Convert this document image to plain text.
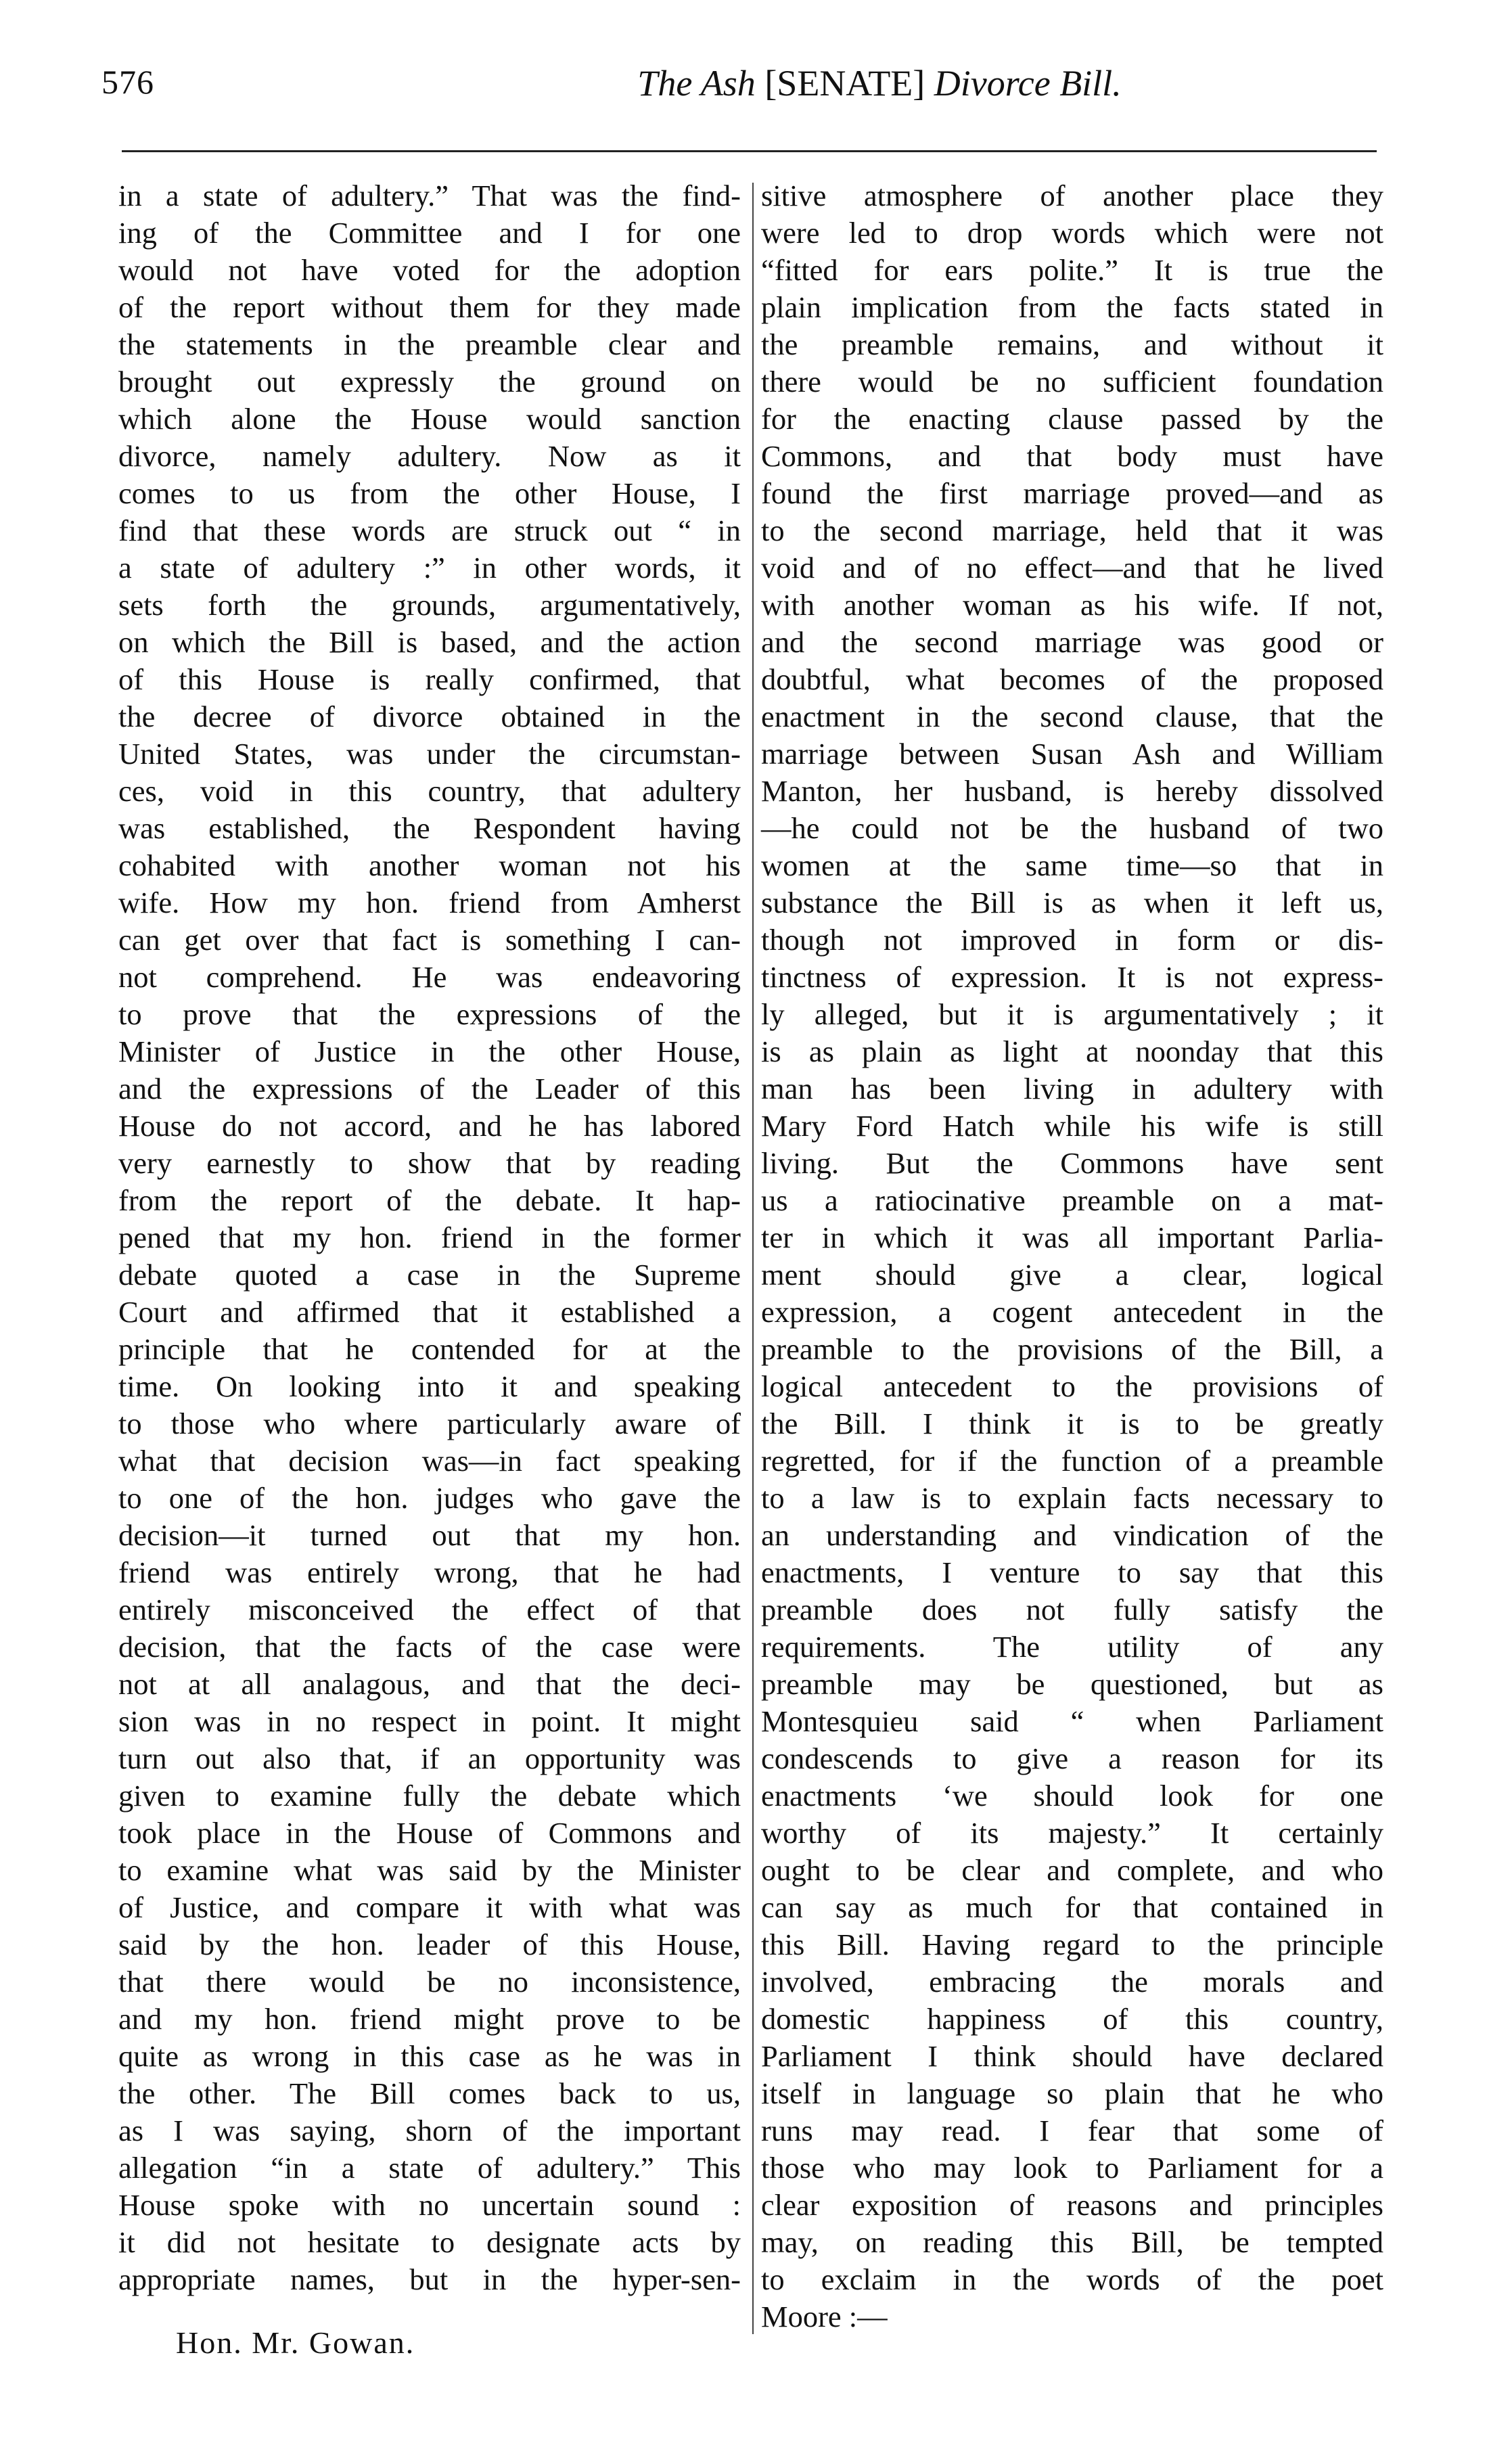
576	The Ash [SENATE] Divorce Bill.
in a state of adultery.” That was the find-
ing of the Committee and I for one
would not have voted for the adoption
of the report without them for they made
the statements in the preamble clear and
brought out expressly the ground on
which alone the House would sanction
divorce, namely adultery. Now as it
comes to us from the other House, I
find that these words are struck out “ in
a state of adultery :” in other words, it
sets forth the grounds, argumentatively,
on which the Bill is based, and the action
of this House is really confirmed, that
the decree of divorce obtained in the
United States, was under the circumstan-
ces, void in this country, that adultery
was established, the Respondent having
cohabited with another woman not his
wife. How my hon. friend from Amherst
can get over that fact is something I can-
not comprehend. He was endeavoring
to prove that the expressions of the
Minister of Justice in the other House,
and the expressions of the Leader of this
House do not accord, and he has labored
very earnestly to show that by reading
from the report of the debate. It hap-
pened that my hon. friend in the former
debate quoted a case in the Supreme
Court and affirmed that it established a
principle that he contended for at the
time. On looking into it and speaking
to those who where particularly aware of
what that decision was—in fact speaking
to one of the hon. judges who gave the
decision—it turned out that my hon.
friend was entirely wrong, that he had
entirely misconceived the effect of that
decision, that the facts of the case were
not at all analagous, and that the deci-
sion was in no respect in point. It might
turn out also that, if an opportunity was
given to examine fully the debate which
took place in the House of Commons and
to examine what was said by the Minister
of Justice, and compare it with what was
said by the hon. leader of this House,
that there would be no inconsistence,
and my hon. friend might prove to be
quite as wrong in this case as he was in
the other. The Bill comes back to us,
as I was saying, shorn of the important
allegation “in a state of adultery.” This
House spoke with no uncertain sound :
it did not hesitate to designate acts by
appropriate names, but in the hyper-sen-
sitive atmosphere of another place they
were led to drop words which were not
“fitted for ears polite.” It is true the
plain implication from the facts stated in
the preamble remains, and without it
there would be no sufficient foundation
for the enacting clause passed by the
Commons, and that body must have
found the first marriage proved—and as
to the second marriage, held that it was
void and of no effect—and that he lived
with another woman as his wife. If not,
and the second marriage was good or
doubtful, what becomes of the proposed
enactment in the second clause, that the
marriage between Susan Ash and William
Manton, her husband, is hereby dissolved
—he could not be the husband of two
women at the same time—so that in
substance the Bill is as when it left us,
though not improved in form or dis-
tinctness of expression. It is not express-
ly alleged, but it is argumentatively ; it
is as plain as light at noonday that this
man has been living in adultery with
Mary Ford Hatch while his wife is still
living. But the Commons have sent
us a ratiocinative preamble on a mat-
ter in which it was all important Parlia-
ment should give a clear, logical
expression, a cogent antecedent in the
preamble to the provisions of the Bill, a
logical antecedent to the provisions of
the Bill. I think it is to be greatly
regretted, for if the function of a preamble
to a law is to explain facts necessary to
an understanding and vindication of the
enactments, I venture to say that this
preamble does not fully satisfy the
requirements. The utility of any
preamble may be questioned, but as
Montesquieu said “ when Parliament
condescends to give a reason for its
enactments ‘we should look for one
worthy of its majesty.” It certainly
ought to be clear and complete, and who
can say as much for that contained in
this Bill. Having regard to the principle
involved, embracing the morals and
domestic happiness of this country,
Parliament I think should have declared
itself in language so plain that he who
runs may read. I fear that some of
those who may look to Parliament for a
clear exposition of reasons and principles
may, on reading this Bill, be tempted
to exclaim in the words of the poet
Moore :—
Hon. Mr. Gowan.
